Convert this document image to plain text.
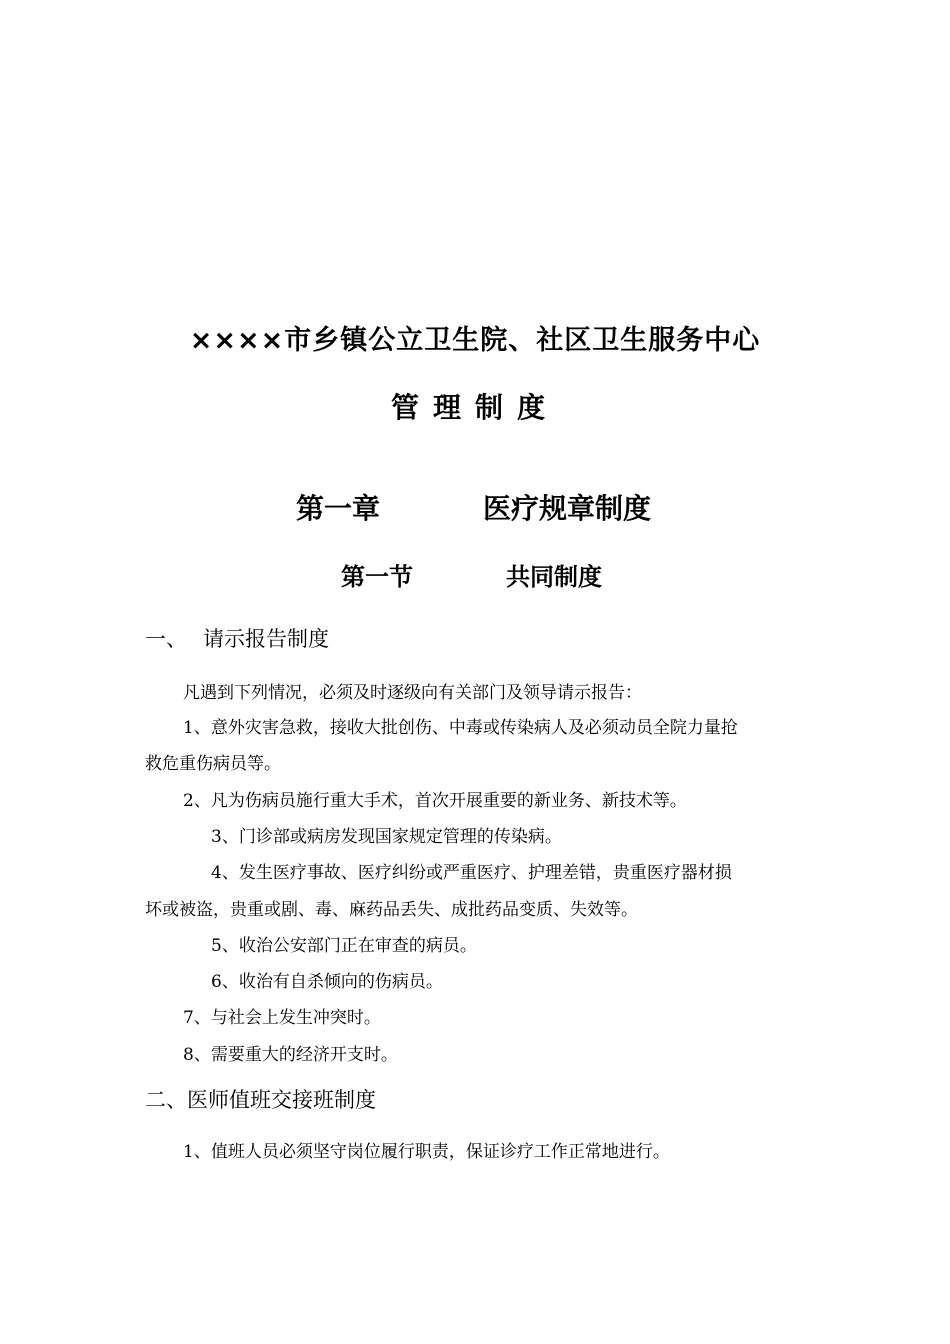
××××市乡镇公立卫生院、社区卫生服务中心
管理制度
第一章	医疗规章制度
第一节	共同制度
一、 请示报告制度
凡遇到下列情况，必须及时逐级向有关部门及领导请示报告：
1、意外灾害急救，接收大批创伤、中毒或传染病人及必须动员全院力量抢
救危重伤病员等。
2、凡为伤病员施行重大手术，首次开展重要的新业务、新技术等。
3、门诊部或病房发现国家规定管理的传染病。
4、发生医疗事故、医疗纠纷或严重医疗、护理差错，贵重医疗器材损
坏或被盗，贵重或剧、毒、麻药品丢失、成批药品变质、失效等。
5、收治公安部门正在审查的病员。
6、收治有自杀倾向的伤病员。
7、与社会上发生冲突时。
8、需要重大的经济开支时。
二、医师值班交接班制度
1、值班人员必须坚守岗位履行职责，保证诊疗工作正常地进行。
